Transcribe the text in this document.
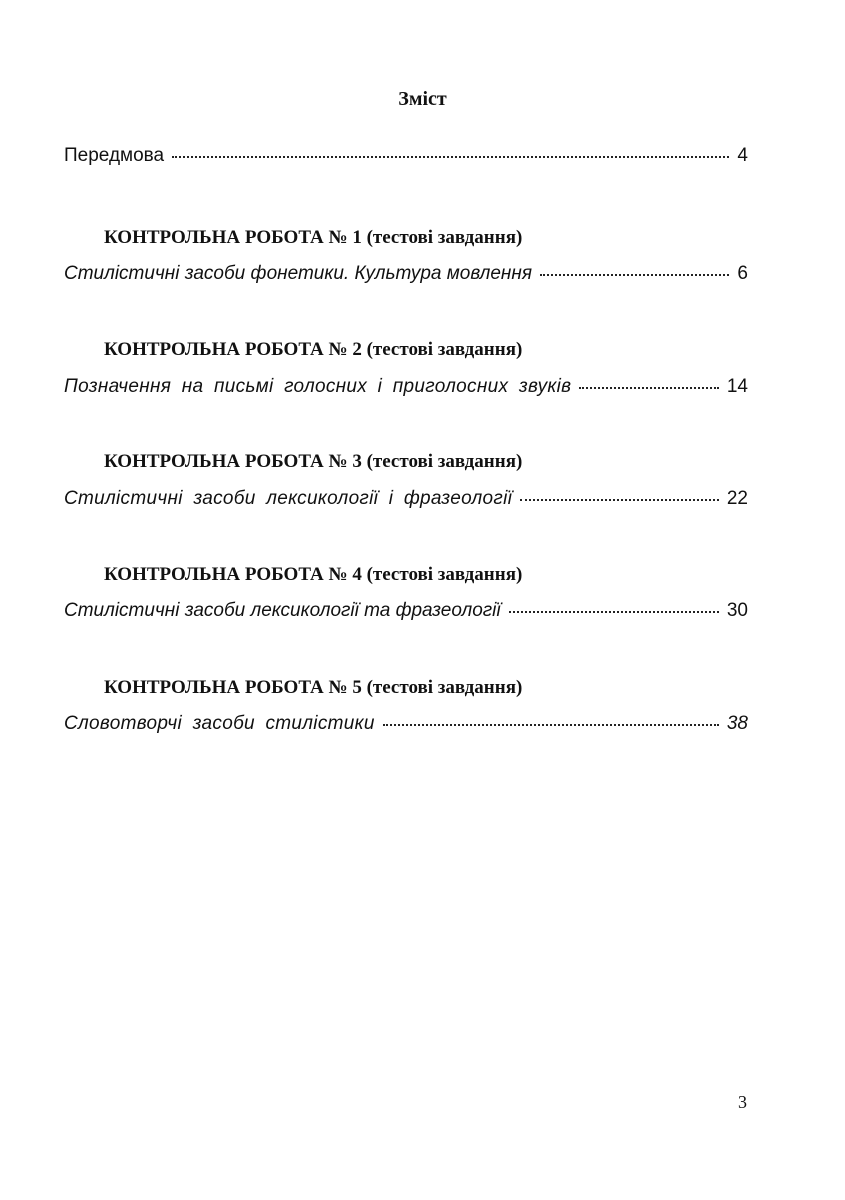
Зміст
Передмова	4
КОНТРОЛЬНА РОБОТА № 1 (тестові завдання)
Стилістичні засоби фонетики. Культура мовлення	6
КОНТРОЛЬНА РОБОТА № 2 (тестові завдання)
Позначення на письмі голосних і приголосних звуків	14
КОНТРОЛЬНА РОБОТА № 3 (тестові завдання)
Стилістичні засоби лексикології і фразеології	22
КОНТРОЛЬНА РОБОТА № 4 (тестові завдання)
Стилістичні засоби лексикології та фразеології	30
КОНТРОЛЬНА РОБОТА № 5 (тестові завдання)
Словотворчі засоби стилістики	38
3
